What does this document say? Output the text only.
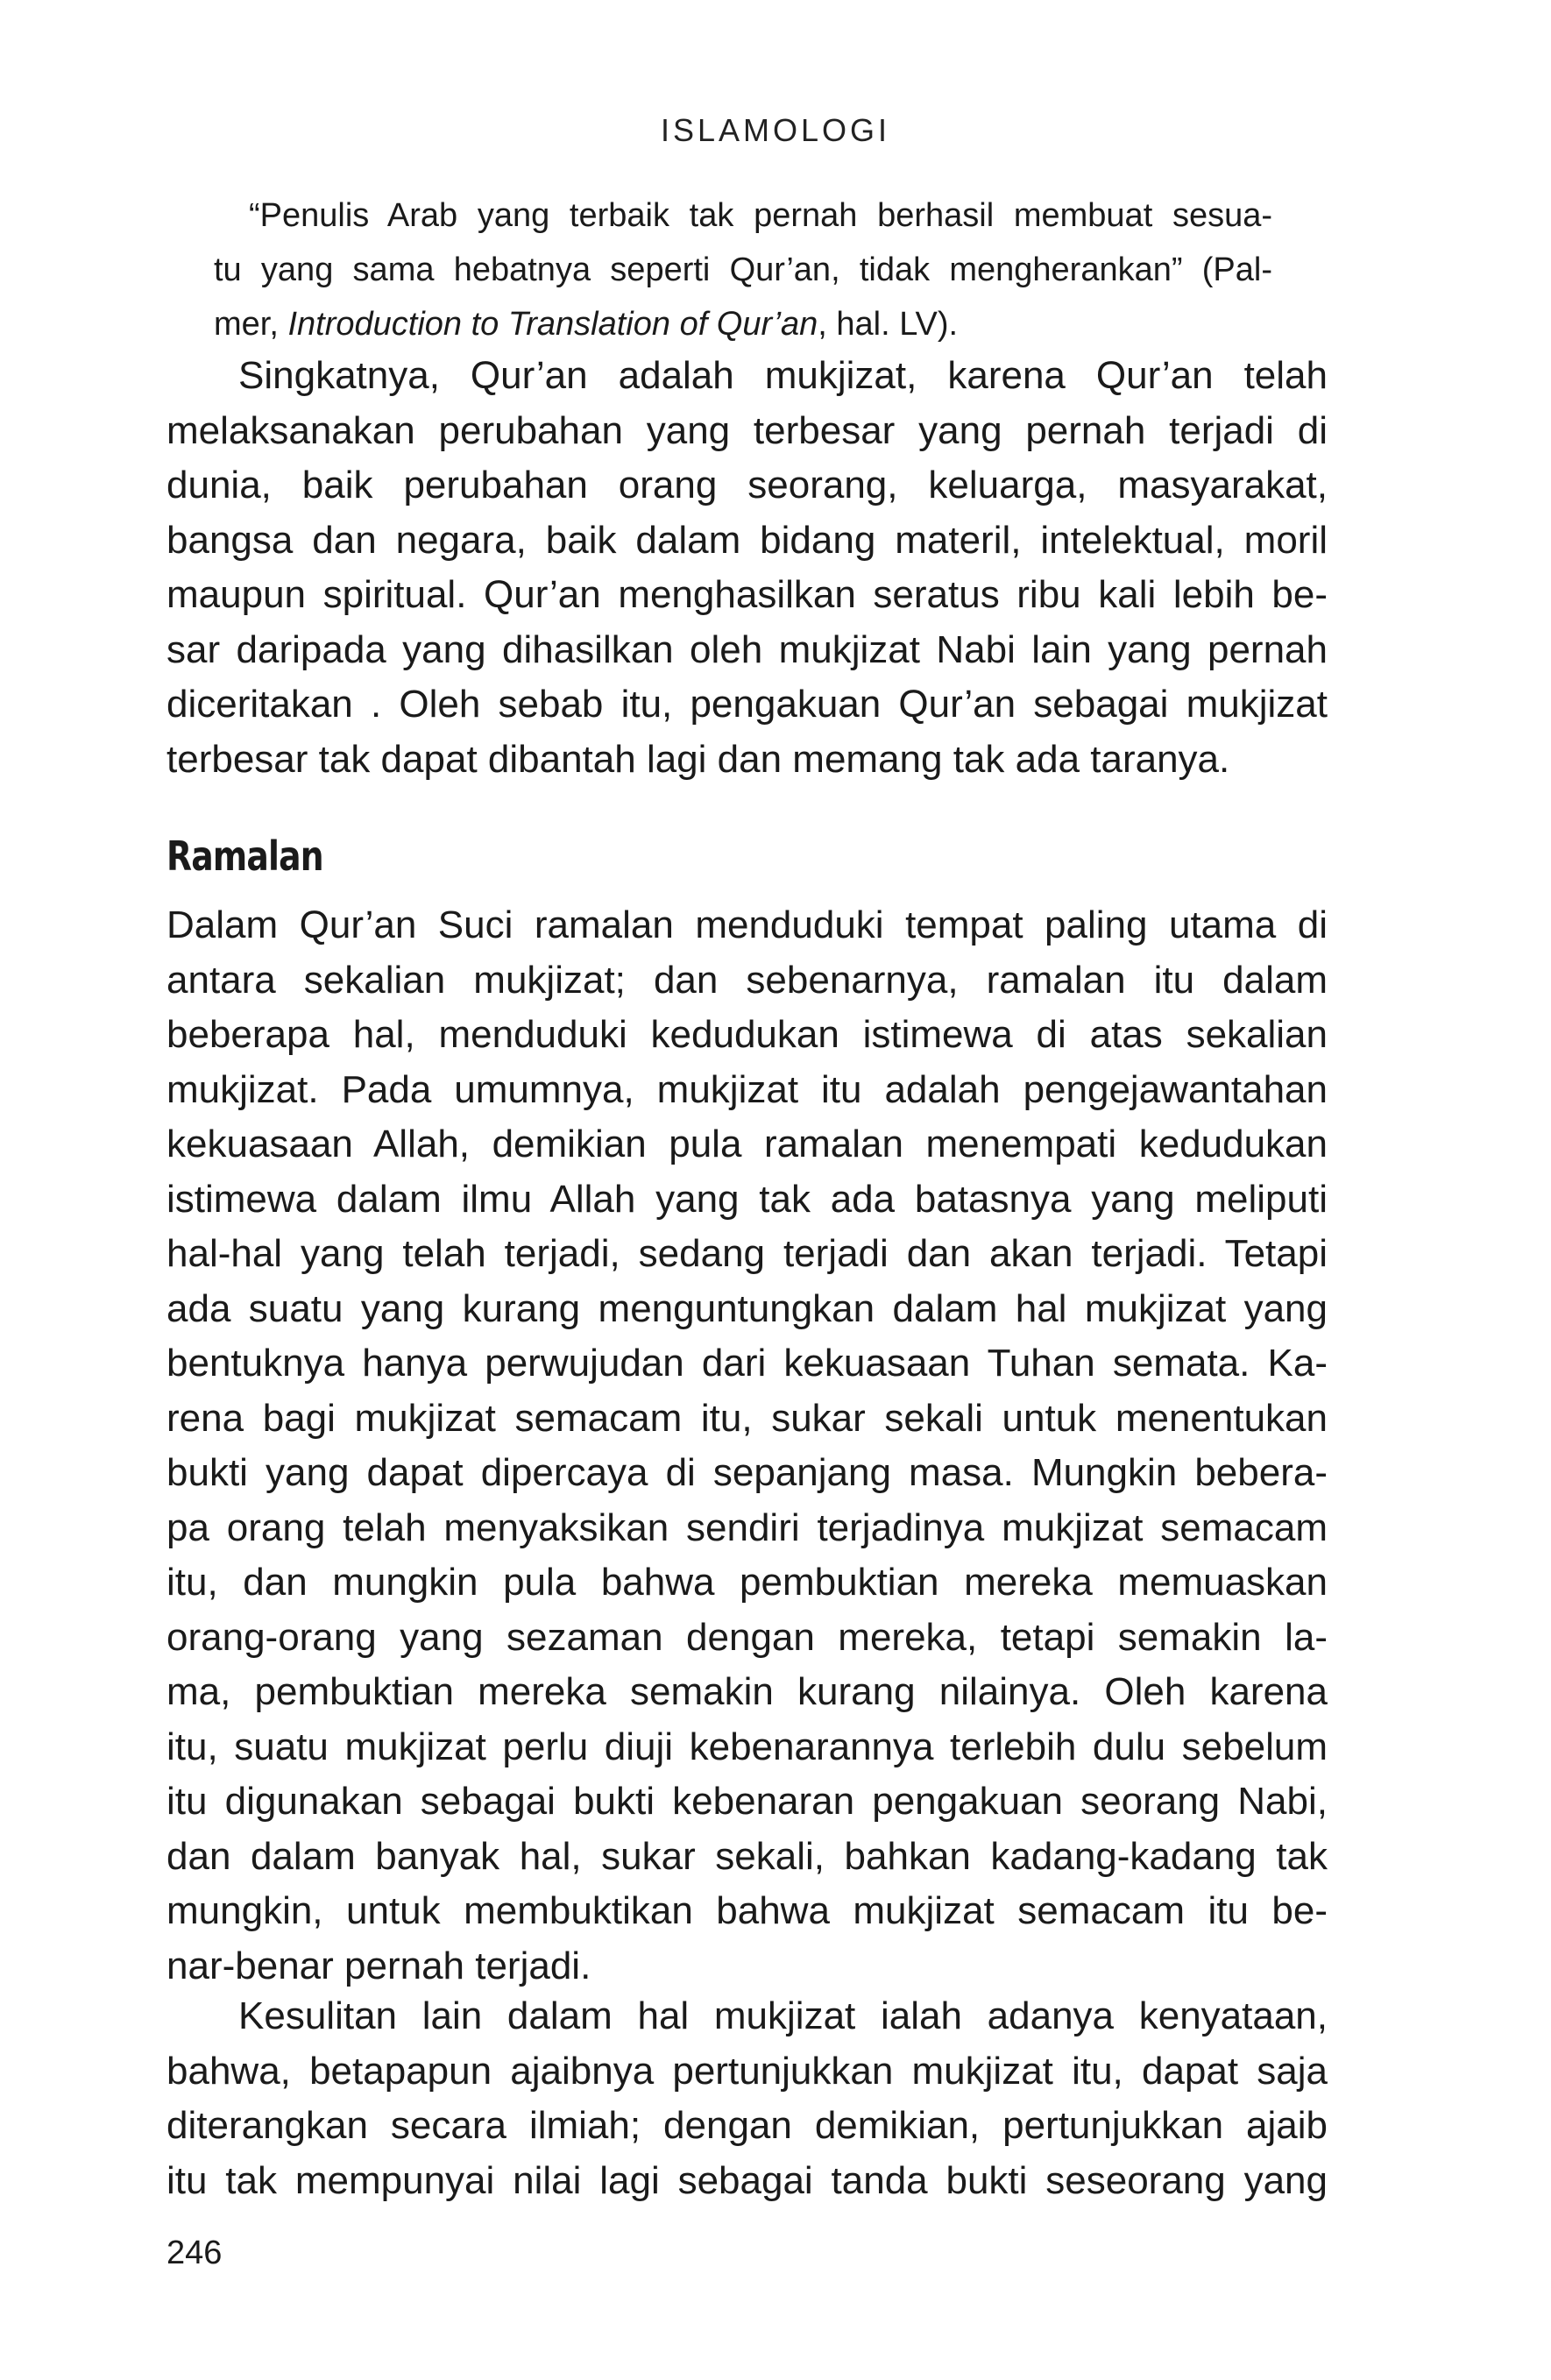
ISLAMOLOGI
“Penulis Arab yang terbaik tak pernah berhasil membuat sesua-
tu yang sama hebatnya seperti Qur’an, tidak mengherankan” (Pal-
mer, Introduction to Translation of Qur’an, hal. LV).
Singkatnya, Qur’an adalah mukjizat, karena Qur’an telah
melaksanakan perubahan yang terbesar yang pernah terjadi di
dunia, baik perubahan orang seorang, keluarga, masyarakat,
bangsa dan negara, baik dalam bidang materil, intelektual, moril
maupun spiritual. Qur’an menghasilkan seratus ribu kali lebih be-
sar daripada yang dihasilkan oleh mukjizat Nabi lain yang pernah
diceritakan . Oleh sebab itu, pengakuan Qur’an sebagai mukjizat
terbesar tak dapat dibantah lagi dan memang tak ada taranya.
Ramalan
Dalam Qur’an Suci ramalan menduduki tempat paling utama di
antara sekalian mukjizat; dan sebenarnya, ramalan itu dalam
beberapa hal, menduduki kedudukan istimewa di atas sekalian
mukjizat. Pada umumnya, mukjizat itu adalah pengejawantahan
kekuasaan Allah, demikian pula ramalan menempati kedudukan
istimewa dalam ilmu Allah yang tak ada batasnya yang meliputi
hal-hal yang telah terjadi, sedang terjadi dan akan terjadi. Tetapi
ada suatu yang kurang menguntungkan dalam hal mukjizat yang
bentuknya hanya perwujudan dari kekuasaan Tuhan semata. Ka-
rena bagi mukjizat semacam itu, sukar sekali untuk menentukan
bukti yang dapat dipercaya di sepanjang masa. Mungkin bebera-
pa orang telah menyaksikan sendiri terjadinya mukjizat semacam
itu, dan mungkin pula bahwa pembuktian mereka memuaskan
orang-orang yang sezaman dengan mereka, tetapi semakin la-
ma, pembuktian mereka semakin kurang nilainya. Oleh karena
itu, suatu mukjizat perlu diuji kebenarannya terlebih dulu sebelum
itu digunakan sebagai bukti kebenaran pengakuan seorang Nabi,
dan dalam banyak hal, sukar sekali, bahkan kadang-kadang tak
mungkin, untuk membuktikan bahwa mukjizat semacam itu be-
nar-benar pernah terjadi.
Kesulitan lain dalam hal mukjizat ialah adanya kenyataan,
bahwa, betapapun ajaibnya pertunjukkan mukjizat itu, dapat saja
diterangkan secara ilmiah; dengan demikian, pertunjukkan ajaib
itu tak mempunyai nilai lagi sebagai tanda bukti seseorang yang
246
